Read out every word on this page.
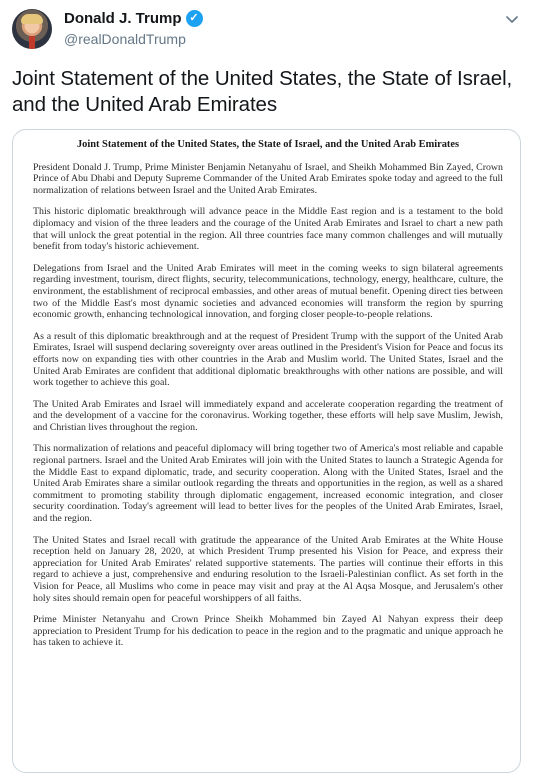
Donald J. Trump ✓
@realDonaldTrump
Joint Statement of the United States, the State of Israel, and the United Arab Emirates
Joint Statement of the United States, the State of Israel, and the United Arab Emirates
President Donald J. Trump, Prime Minister Benjamin Netanyahu of Israel, and Sheikh Mohammed Bin Zayed, Crown Prince of Abu Dhabi and Deputy Supreme Commander of the United Arab Emirates spoke today and agreed to the full normalization of relations between Israel and the United Arab Emirates.
This historic diplomatic breakthrough will advance peace in the Middle East region and is a testament to the bold diplomacy and vision of the three leaders and the courage of the United Arab Emirates and Israel to chart a new path that will unlock the great potential in the region. All three countries face many common challenges and will mutually benefit from today's historic achievement.
Delegations from Israel and the United Arab Emirates will meet in the coming weeks to sign bilateral agreements regarding investment, tourism, direct flights, security, telecommunications, technology, energy, healthcare, culture, the environment, the establishment of reciprocal embassies, and other areas of mutual benefit. Opening direct ties between two of the Middle East's most dynamic societies and advanced economies will transform the region by spurring economic growth, enhancing technological innovation, and forging closer people-to-people relations.
As a result of this diplomatic breakthrough and at the request of President Trump with the support of the United Arab Emirates, Israel will suspend declaring sovereignty over areas outlined in the President's Vision for Peace and focus its efforts now on expanding ties with other countries in the Arab and Muslim world. The United States, Israel and the United Arab Emirates are confident that additional diplomatic breakthroughs with other nations are possible, and will work together to achieve this goal.
The United Arab Emirates and Israel will immediately expand and accelerate cooperation regarding the treatment of and the development of a vaccine for the coronavirus. Working together, these efforts will help save Muslim, Jewish, and Christian lives throughout the region.
This normalization of relations and peaceful diplomacy will bring together two of America's most reliable and capable regional partners. Israel and the United Arab Emirates will join with the United States to launch a Strategic Agenda for the Middle East to expand diplomatic, trade, and security cooperation. Along with the United States, Israel and the United Arab Emirates share a similar outlook regarding the threats and opportunities in the region, as well as a shared commitment to promoting stability through diplomatic engagement, increased economic integration, and closer security coordination. Today's agreement will lead to better lives for the peoples of the United Arab Emirates, Israel, and the region.
The United States and Israel recall with gratitude the appearance of the United Arab Emirates at the White House reception held on January 28, 2020, at which President Trump presented his Vision for Peace, and express their appreciation for United Arab Emirates' related supportive statements. The parties will continue their efforts in this regard to achieve a just, comprehensive and enduring resolution to the Israeli-Palestinian conflict. As set forth in the Vision for Peace, all Muslims who come in peace may visit and pray at the Al Aqsa Mosque, and Jerusalem's other holy sites should remain open for peaceful worshippers of all faiths.
Prime Minister Netanyahu and Crown Prince Sheikh Mohammed bin Zayed Al Nahyan express their deep appreciation to President Trump for his dedication to peace in the region and to the pragmatic and unique approach he has taken to achieve it.
